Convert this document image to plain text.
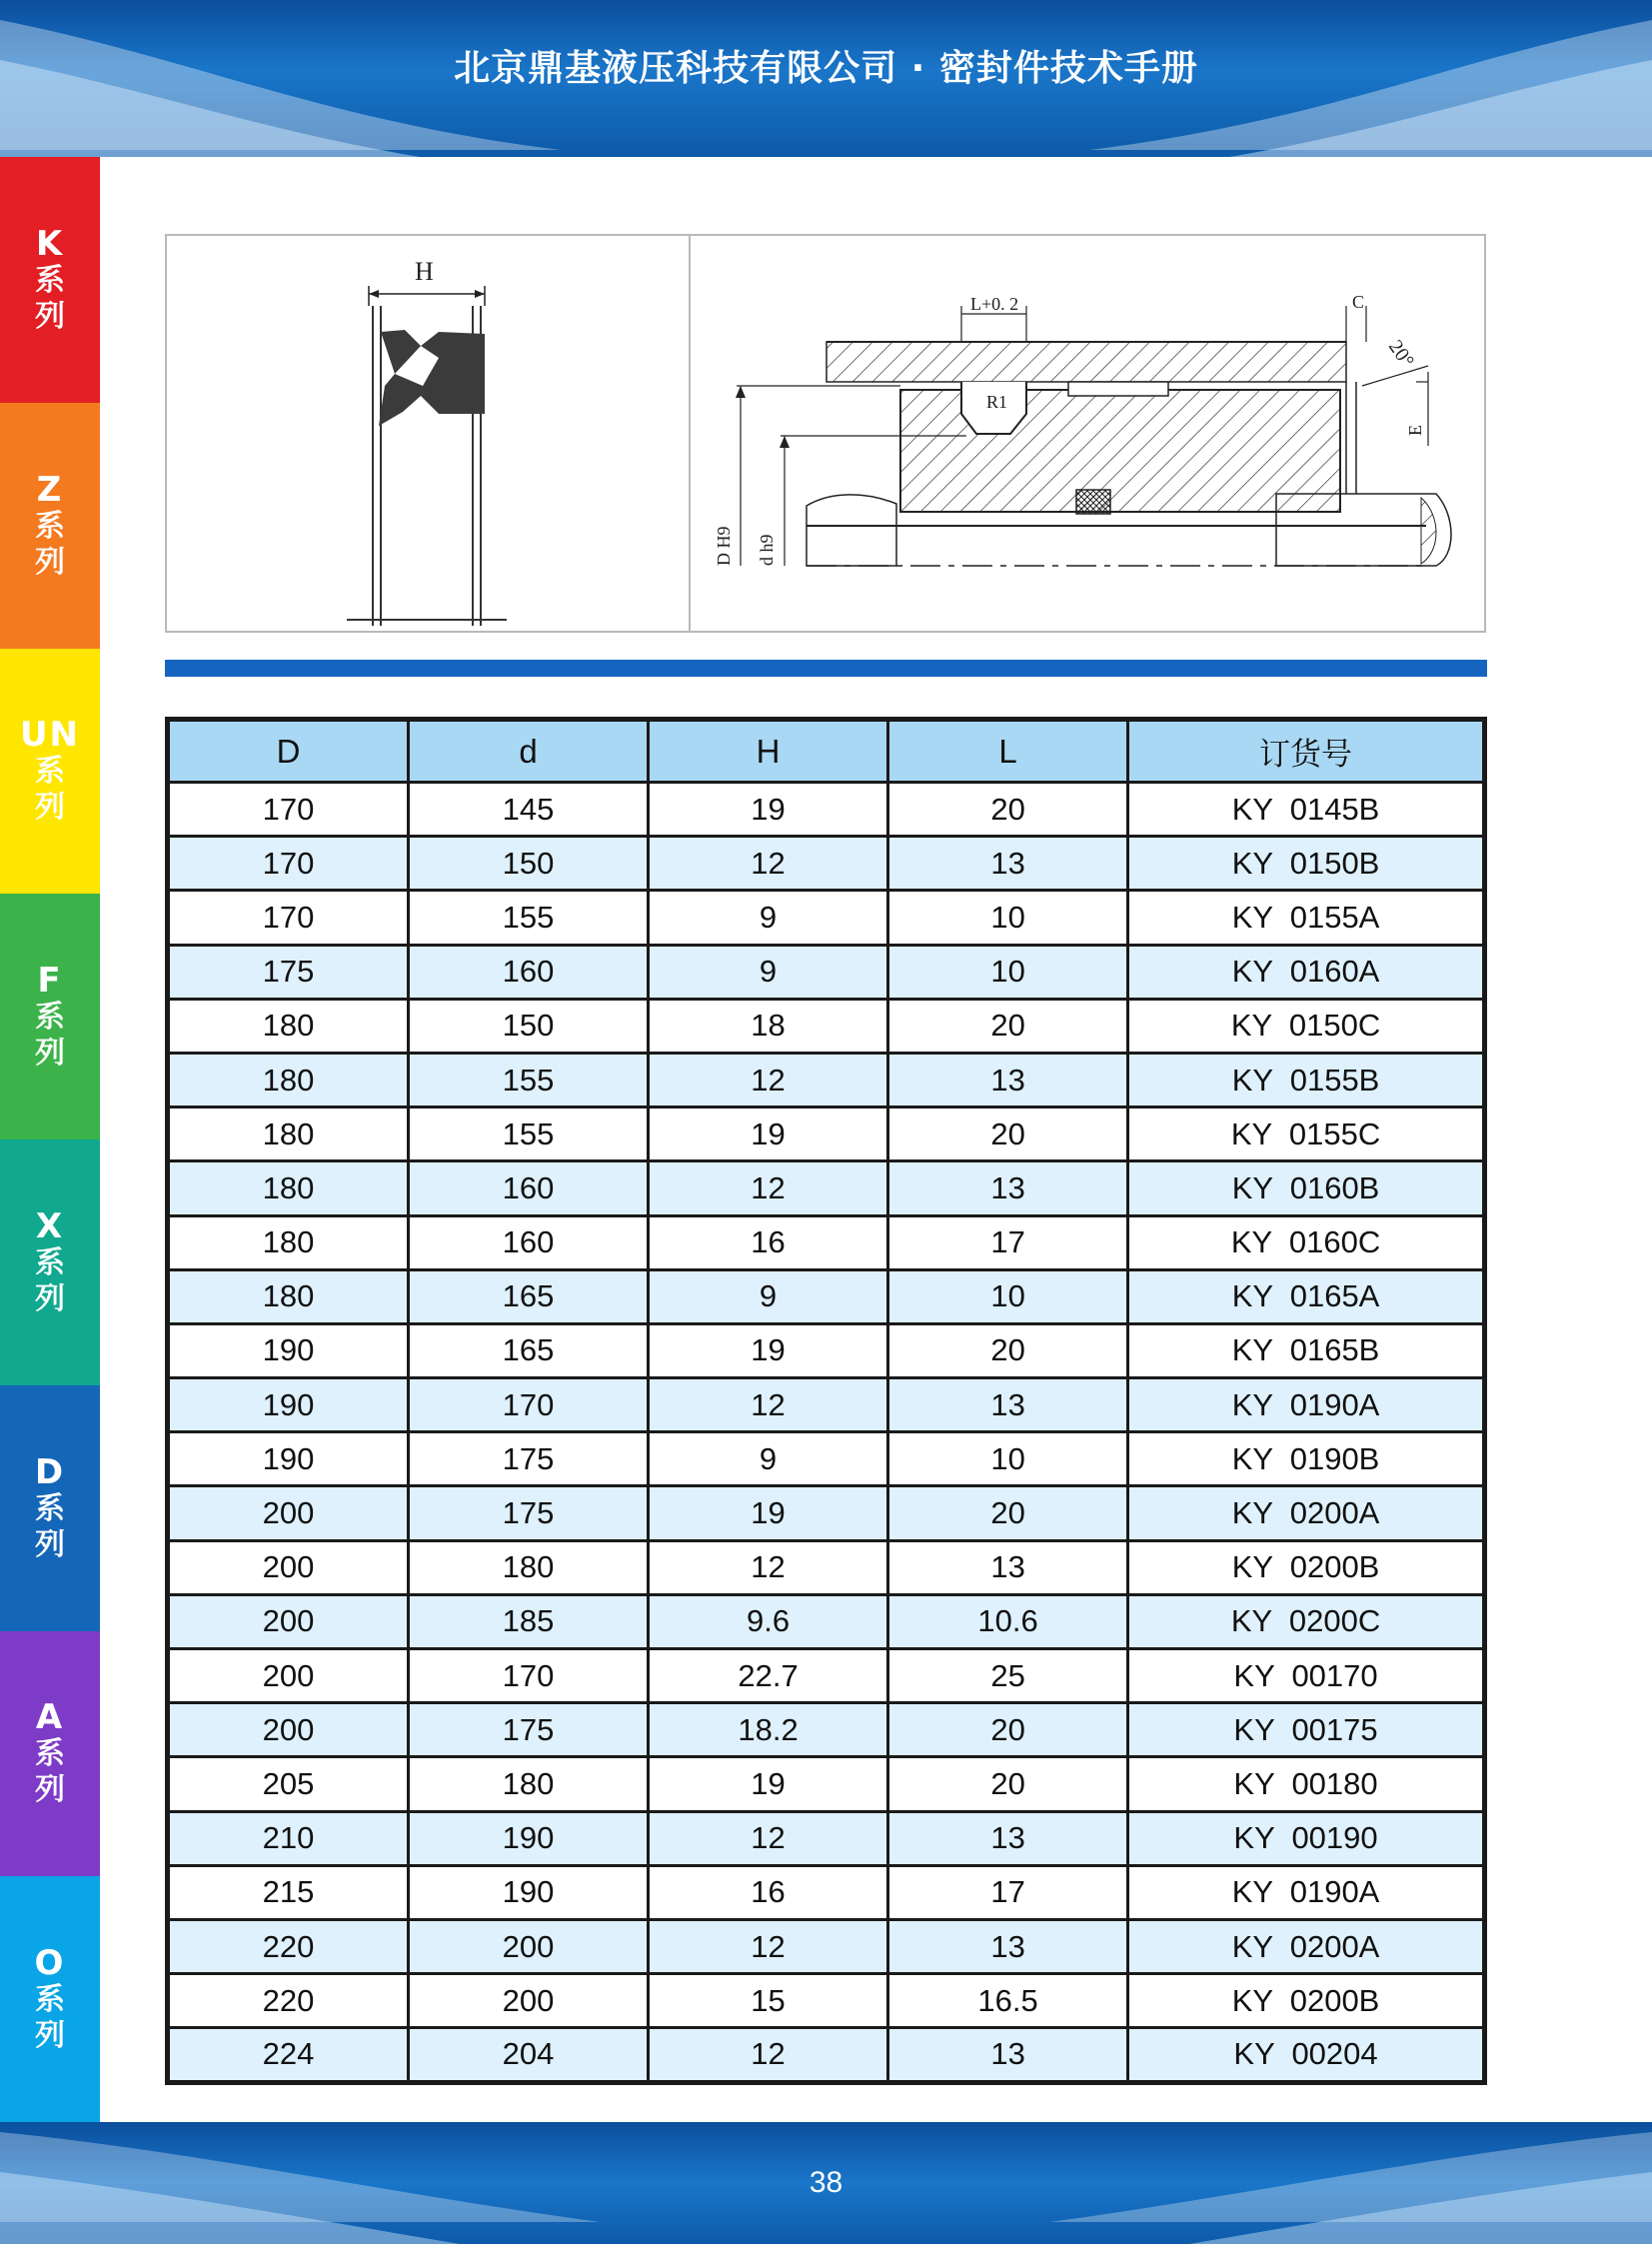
北京鼎基液压科技有限公司 · 密封件技术手册
K
系列
Z
系列
UN
系列
F
系列
X
系列
D
系列
A
系列
O
系列
H
L+0. 2	C
20°
R1
E
D H9 d h9
D	d	H	L	订货号
170	145	19	20	KY  0145B
170	150	12	13	KY  0150B
170	155	9	10	KY  0155A
175	160	9	10	KY  0160A
180	150	18	20	KY  0150C
180	155	12	13	KY  0155B
180	155	19	20	KY  0155C
180	160	12	13	KY  0160B
180	160	16	17	KY  0160C
180	165	9	10	KY  0165A
190	165	19	20	KY  0165B
190	170	12	13	KY  0190A
190	175	9	10	KY  0190B
200	175	19	20	KY  0200A
200	180	12	13	KY  0200B
200	185	9.6	10.6	KY  0200C
200	170	22.7	25	KY  00170
200	175	18.2	20	KY  00175
205	180	19	20	KY  00180
210	190	12	13	KY  00190
215	190	16	17	KY  0190A
220	200	12	13	KY  0200A
220	200	15	16.5	KY  0200B
224	204	12	13	KY  00204
38
